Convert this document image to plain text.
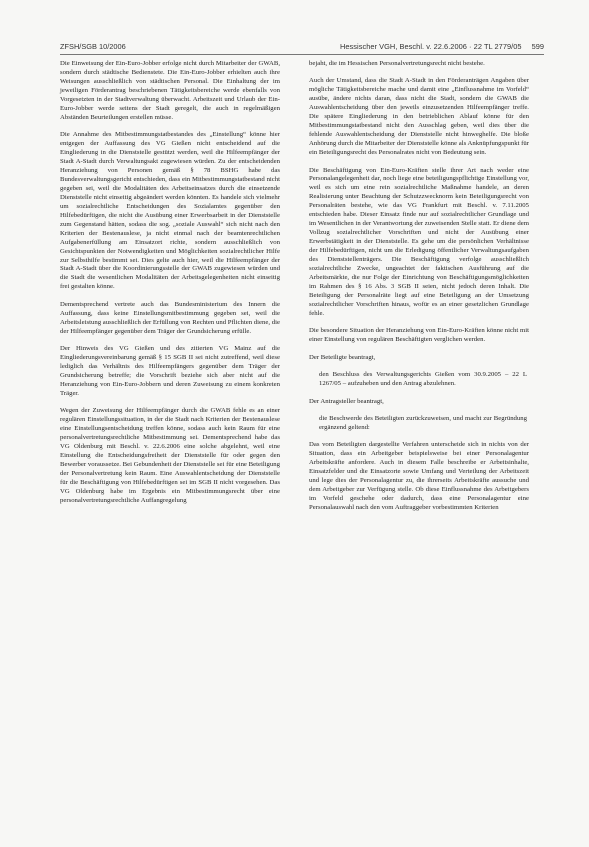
ZFSH/SGB 10/2006	Hessischer VGH, Beschl. v. 22.6.2006 · 22 TL 2779/05 599

Die Einweisung der Ein-Euro-Jobber erfolge nicht durch Mitarbeiter der GWAB, sondern durch städtische Bedienstete. Die Ein-Euro-Jobber erhielten auch ihre Weisungen ausschließlich von städtischen Personal. Die Einhaltung der im jeweiligen Förderantrag beschriebenen Tätigkeitsbereiche werde ebenfalls von Vorgesetzten in der Stadtverwaltung überwacht. Arbeitszeit und Urlaub der Ein-Euro-Jobber werde seitens der Stadt geregelt, die auch in regelmäßigen Abständen Beurteilungen erstellen müsse.

Die Annahme des Mitbestimmungstatbestandes des „Einstellung“ könne hier entgegen der Auffassung des VG Gießen nicht entscheidend auf die Eingliederung in die Dienststelle gestützt werden, weil die Hilfeempfänger der Stadt A-Stadt durch Verwaltungsakt zugewiesen würden. Zu der entscheidenden Heranziehung von Personen gemäß § 78 BSHG habe das Bundesverwaltungsgericht entschieden, dass ein Mitbestimmungstatbestand nicht gegeben sei, weil die Modalitäten des Arbeitseinsatzes durch die einsetzende Dienststelle nicht einseitig abgeändert werden könnten. Es handele sich vielmehr um sozialrechtliche Entscheidungen des Sozialamtes gegenüber den Hilfebedürftigen, die nicht die Ausübung einer Erwerbsarbeit in der Dienststelle zum Gegenstand hätten, sodass die sog. „soziale Auswahl“ sich nicht nach den Kriterien der Bestenauslese, ja nicht einmal nach der beamtenrechtlichen Aufgabenerfüllung am Einsatzort richte, sondern ausschließlich von Gesichtspunkten der Notwendigkeiten und Möglichkeiten sozialrechtlicher Hilfe zur Selbsthilfe bestimmt sei. Dies gelte auch hier, weil die Hilfeempfänger der Stadt A-Stadt über die Koordinierungsstelle der GWAB zugewiesen würden und die Stadt die wesentlichen Modalitäten der Arbeitsgelegenheiten nicht einseitig frei gestalten könne.

Dementsprechend vertrete auch das Bundesministerium des Innern die Auffassung, dass keine Einstellungsmitbestimmung gegeben sei, weil die Arbeitsleistung ausschließlich der Erfüllung von Rechten und Pflichten diene, die der Hilfeempfänger gegenüber dem Träger der Grundsicherung erfülle.

Der Hinweis des VG Gießen und des zitierten VG Mainz auf die Eingliederungsvereinbarung gemäß § 15 SGB II sei nicht zutreffend, weil diese lediglich das Verhältnis des Hilfeempfängers gegenüber dem Träger der Grundsicherung betreffe; die Vorschrift beziehe sich aber nicht auf die Heranziehung von Ein-Euro-Jobbern und deren Zuweisung zu einem konkreten Träger.

Wegen der Zuweisung der Hilfeempfänger durch die GWAB fehle es an einer regulären Einstellungssituation, in der die Stadt nach Kriterien der Bestenauslese eine Einstellungsentscheidung treffen könne, sodass auch kein Raum für eine personalvertretungsrechtliche Mitbestimmung sei. Dementsprechend habe das VG Oldenburg mit Beschl. v. 22.6.2006 eine solche abgelehnt, weil eine Einstellung die Entscheidungsfreiheit der Dienststelle für oder gegen den Bewerber voraussetze. Bei Gebundenheit der Dienststelle sei für eine Beteiligung der Personalvertretung kein Raum. Eine Auswahlentscheidung der Dienststelle für die Beschäftigung von Hilfebedürftigen sei im SGB II nicht vorgesehen. Das VG Oldenburg habe im Ergebnis ein Mitbestimmungsrecht über eine personalvertretungsrechtliche Auffangregelung

bejaht, die im Hessischen Personalvertretungsrecht nicht bestehe.

Auch der Umstand, dass die Stadt A-Stadt in den Förderanträgen Angaben über mögliche Tätigkeitsbereiche mache und damit eine „Einflussnahme im Vorfeld“ ausübe, ändere nichts daran, dass nicht die Stadt, sondern die GWAB die Auswahlentscheidung über den jeweils einzusetzenden Hilfeempfänger treffe. Die spätere Eingliederung in den betrieblichen Ablauf könne für den Mitbestimmungstatbestand nicht den Ausschlag geben, weil dies über die fehlende Auswahlentscheidung der Dienststelle nicht hinweghelfe. Die bloße Anhörung durch die Mitarbeiter der Dienststelle könne als Anknüpfungspunkt für ein Beteiligungsrecht des Personalrates nicht von Bedeutung sein.

Die Beschäftigung von Ein-Euro-Kräften stelle ihrer Art nach weder eine Personalangelegenheit dar, noch liege eine beteiligungspflichtige Einstellung vor, weil es sich um eine rein sozialrechtliche Maßnahme handele, an deren Realisierung unter Beachtung der Schutzzwecknorm kein Beteiligungsrecht von Personalräten bestehe, wie das VG Frankfurt mit Beschl. v. 7.11.2005 entschieden habe. Dieser Einsatz finde nur auf sozialrechtlicher Grundlage und im Wesentlichen in der Verantwortung der zuweisenden Stelle statt. Er diene dem Vollzug sozialrechtlicher Vorschriften und nicht der Ausübung einer Erwerbstätigkeit in der Dienststelle. Es gehe um die persönlichen Verhältnisse der Hilfebedürftigen, nicht um die Erledigung öffentlicher Verwaltungsaufgaben des Dienststellenträgers. Die Beschäftigung verfolge ausschließlich sozialrechtliche Zwecke, ungeachtet der faktischen Ausführung auf die Arbeitsmärkte, die nur Folge der Einrichtung von Beschäftigungsmöglichkeiten im Rahmen des § 16 Abs. 3 SGB II seien, nicht jedoch deren Inhalt. Die Beteiligung der Personalräte liegt auf eine Beteiligung an der Umsetzung sozialrechtlicher Vorschriften hinaus, wofür es an einer gesetzlichen Grundlage fehle.

Die besondere Situation der Heranziehung von Ein-Euro-Kräften könne nicht mit einer Einstellung von regulären Beschäftigten verglichen werden.

Der Beteiligte beantragt,

den Beschluss des Verwaltungsgerichts Gießen vom 30.9.2005 – 22 L 1267/05 – aufzuheben und den Antrag abzulehnen.

Der Antragsteller beantragt,

die Beschwerde des Beteiligten zurückzuweisen, und macht zur Begründung ergänzend geltend:

Das vom Beteiligten dargestellte Verfahren unterscheide sich in nichts von der Situation, dass ein Arbeitgeber beispielsweise bei einer Personalagentur Arbeitskräfte anfordere. Auch in diesem Falle beschreibe er Arbeitsinhalte, Einsatzfelder und die Einsatzorte sowie Umfang und Verteilung der Arbeitszeit und lege dies der Personalagentur zu, die ihrerseits Arbeitskräfte aussuche und dem Arbeitgeber zur Verfügung stelle. Ob diese Einflussnahme des Arbeitgebers im Vorfeld geschehe oder dadurch, dass eine Personalagentur eine Personalauswahl nach den vom Auftraggeber vorbestimmten Kriterien
